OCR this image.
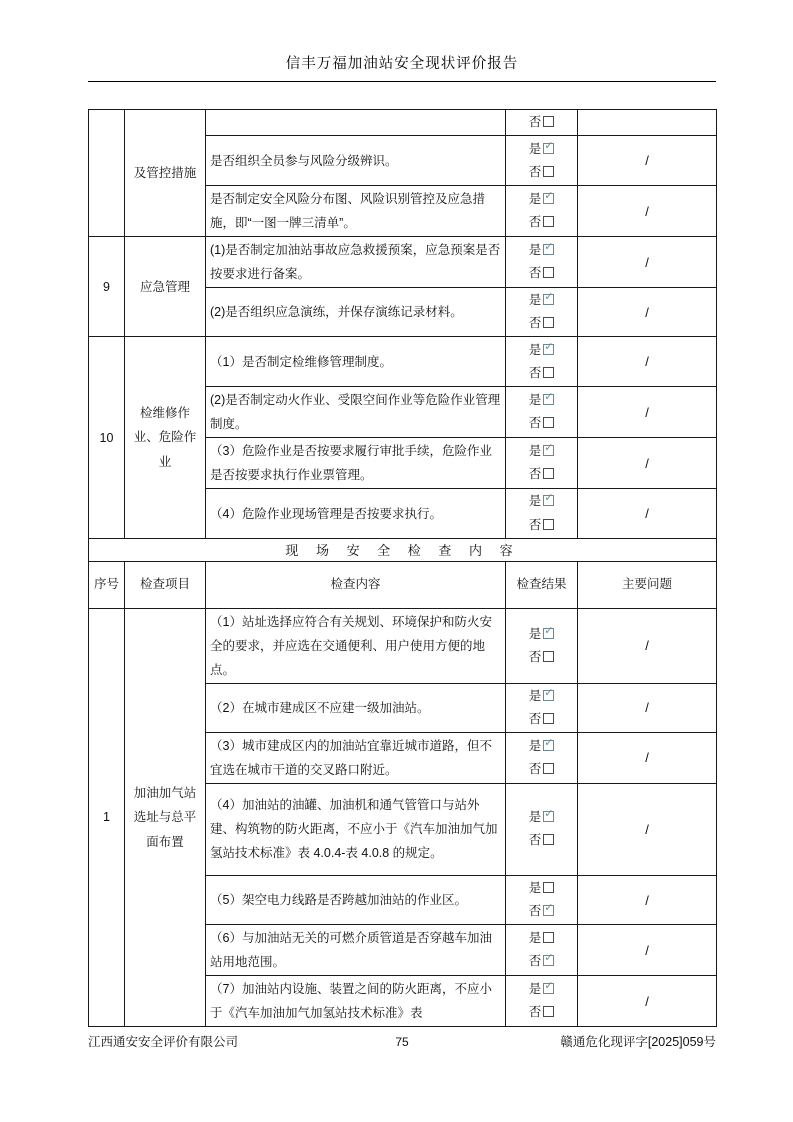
信丰万福加油站安全现状评价报告
	及管控措施		否	

		是否组织全员参与风险分级辨识。	是✓
否	/
		是否制定安全风险分布图、风险识别管控及应急措施，即“一图一牌三清单”。	是✓
否	/
9	应急管理	(1)是否制定加油站事故应急救援预案，应急预案是否按要求进行备案。	是✓
否	/
		(2)是否组织应急演练，并保存演练记录材料。	是✓
否	/
10	检维修作业、危险作业	（1）是否制定检维修管理制度。	是✓
否	/
		(2)是否制定动火作业、受限空间作业等危险作业管理制度。	是✓
否	/
		（3）危险作业是否按要求履行审批手续，危险作业是否按要求执行作业票管理。	是✓
否	/
		（4）危险作业现场管理是否按要求执行。	是✓
否	/
现 场 安 全 检 查 内 容				
序号	检查项目	检查内容	检查结果	主要问题
1	加油加气站选址与总平面布置	（1）站址选择应符合有关规划、环境保护和防火安全的要求，并应选在交通便利、用户使用方便的地点。	是✓
否	/
		（2）在城市建成区不应建一级加油站。	是✓
否	/
		（3）城市建成区内的加油站宜靠近城市道路，但不宜选在城市干道的交叉路口附近。	是✓
否	/
		（4）加油站的油罐、加油机和通气管管口与站外建、构筑物的防火距离，不应小于《汽车加油加气加氢站技术标准》表 4.0.4-表 4.0.8 的规定。	是✓
否	/
		（5）架空电力线路是否跨越加油站的作业区。	是
否✓	/
		（6）与加油站无关的可燃介质管道是否穿越车加油站用地范围。	是
否✓	/
		（7）加油站内设施、装置之间的防火距离，不应小于《汽车加油加气加氢站技术标准》表	是✓
否	/
江西通安安全评价有限公司	75	赣通危化现评字[2025]059号
